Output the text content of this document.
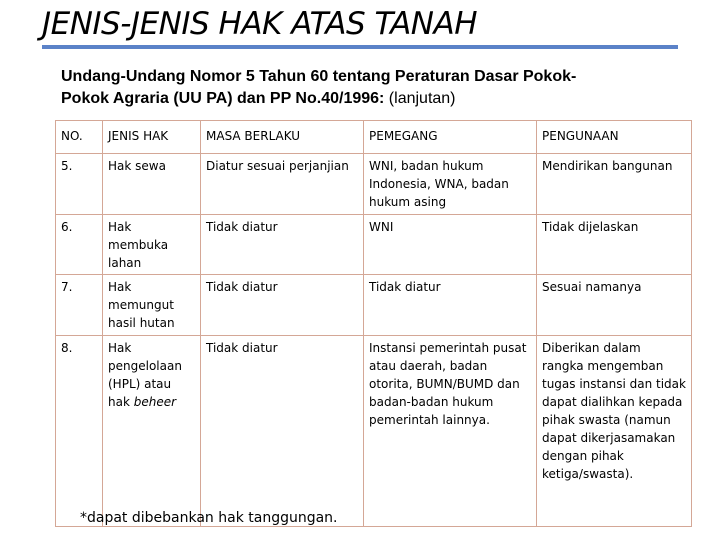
JENIS-JENIS HAK ATAS TANAH
Undang-Undang Nomor 5 Tahun 60 tentang Peraturan Dasar Pokok-Pokok Agraria (UU PA) dan PP No.40/1996: (lanjutan)
NO.	JENIS HAK	MASA BERLAKU	PEMEGANG	PENGUNAAN
5.	Hak sewa	Diatur sesuai perjanjian	WNI, badan hukum Indonesia, WNA, badan hukum asing	Mendirikan bangunan
6.	Hak membuka lahan	Tidak diatur	WNI	Tidak dijelaskan
7.	Hak memungut hasil hutan	Tidak diatur	Tidak diatur	Sesuai namanya
8.	Hak pengelolaan (HPL) atau hak beheer	Tidak diatur	Instansi pemerintah pusat atau daerah, badan otorita, BUMN/BUMD dan badan-badan hukum pemerintah lainnya.	Diberikan dalam rangka mengemban tugas instansi dan tidak dapat dialihkan kepada pihak swasta (namun dapat dikerjasamakan dengan pihak ketiga/swasta).
*dapat dibebankan hak tanggungan.
